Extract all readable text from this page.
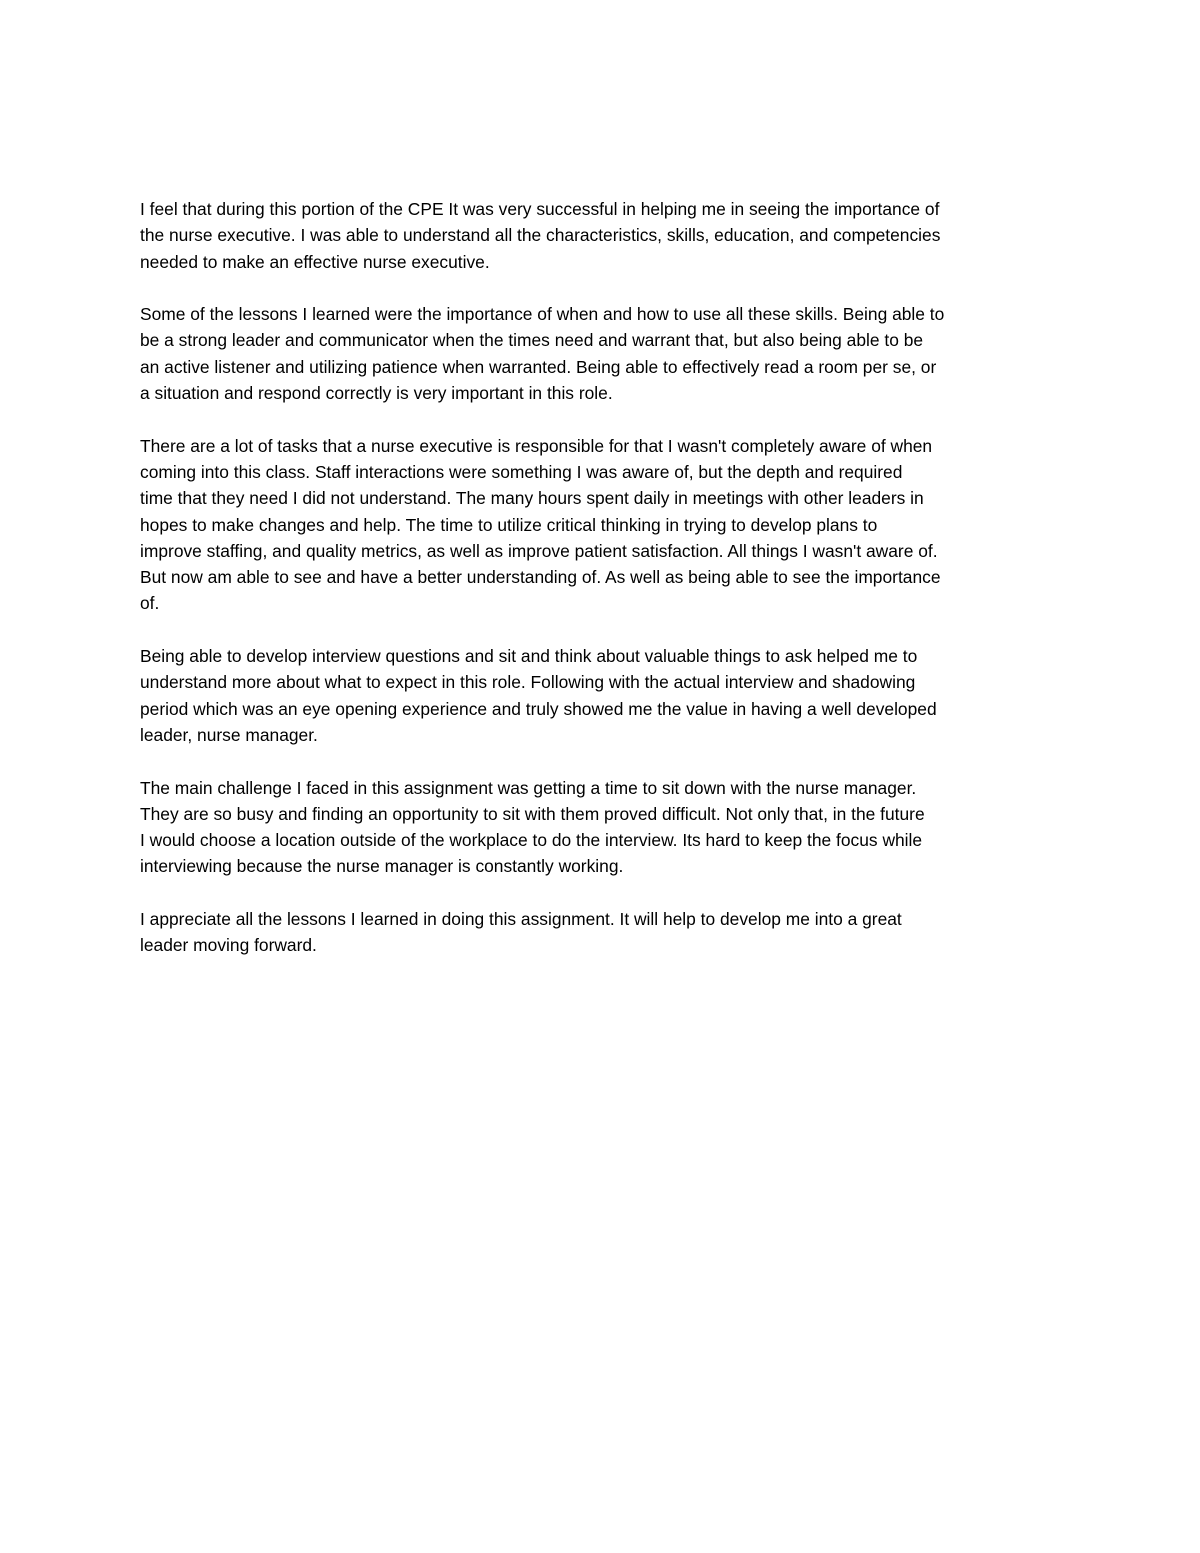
I feel that during this portion of the CPE It was very successful in helping me in seeing the importance of
the nurse executive. I was able to understand all the characteristics, skills, education, and competencies
needed to make an effective nurse executive.

Some of the lessons I learned were the importance of when and how to use all these skills. Being able to
be a strong leader and communicator when the times need and warrant that, but also being able to be
an active listener and utilizing patience when warranted. Being able to effectively read a room per se, or
a situation and respond correctly is very important in this role.

There are a lot of tasks that a nurse executive is responsible for that I wasn't completely aware of when
coming into this class. Staff interactions were something I was aware of, but the depth and required
time that they need I did not understand. The many hours spent daily in meetings with other leaders in
hopes to make changes and help. The time to utilize critical thinking in trying to develop plans to
improve staffing, and quality metrics, as well as improve patient satisfaction. All things I wasn't aware of.
But now am able to see and have a better understanding of. As well as being able to see the importance
of.

Being able to develop interview questions and sit and think about valuable things to ask helped me to
understand more about what to expect in this role. Following with the actual interview and shadowing
period which was an eye opening experience and truly showed me the value in having a well developed
leader, nurse manager.

The main challenge I faced in this assignment was getting a time to sit down with the nurse manager.
They are so busy and finding an opportunity to sit with them proved difficult. Not only that, in the future
I would choose a location outside of the workplace to do the interview. Its hard to keep the focus while
interviewing because the nurse manager is constantly working.

I appreciate all the lessons I learned in doing this assignment. It will help to develop me into a great
leader moving forward.
